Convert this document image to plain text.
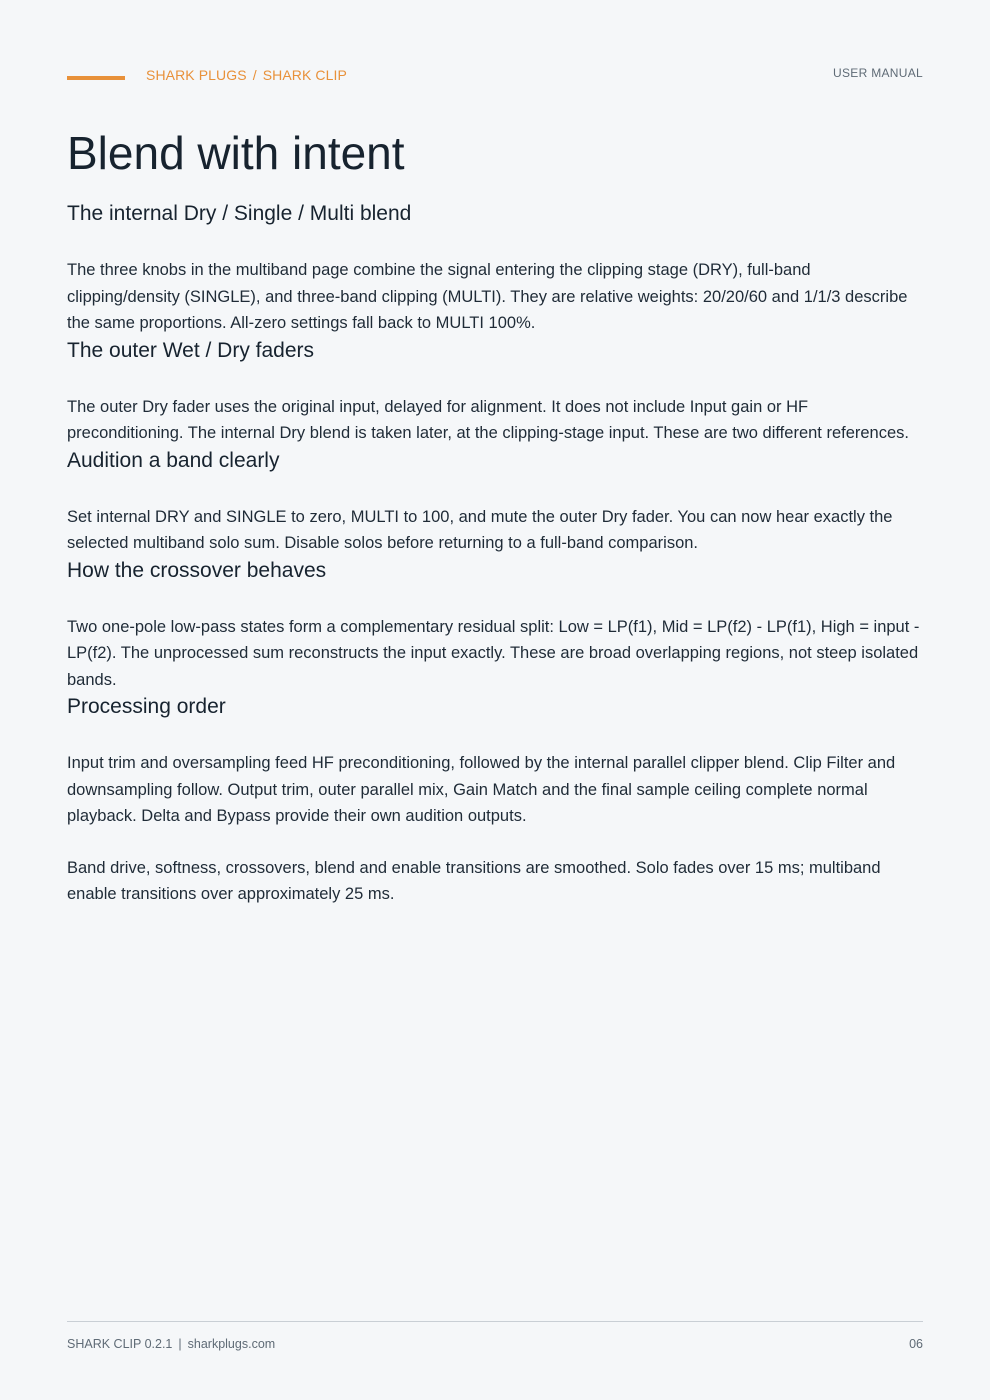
SHARK PLUGS / SHARK CLIP	USER MANUAL
Blend with intent
The internal Dry / Single / Multi blend

The three knobs in the multiband page combine the signal entering the clipping stage (DRY), full-band clipping/density (SINGLE), and three-band clipping (MULTI). They are relative weights: 20/20/60 and 1/1/3 describe the same proportions. All-zero settings fall back to MULTI 100%.

The outer Wet / Dry faders

The outer Dry fader uses the original input, delayed for alignment. It does not include Input gain or HF preconditioning. The internal Dry blend is taken later, at the clipping-stage input. These are two different references.

Audition a band clearly

Set internal DRY and SINGLE to zero, MULTI to 100, and mute the outer Dry fader. You can now hear exactly the selected multiband solo sum. Disable solos before returning to a full-band comparison.

How the crossover behaves

Two one-pole low-pass states form a complementary residual split: Low = LP(f1), Mid = LP(f2) - LP(f1), High = input - LP(f2). The unprocessed sum reconstructs the input exactly. These are broad overlapping regions, not steep isolated bands.

Processing order

Input trim and oversampling feed HF preconditioning, followed by the internal parallel clipper blend. Clip Filter and downsampling follow. Output trim, outer parallel mix, Gain Match and the final sample ceiling complete normal playback. Delta and Bypass provide their own audition outputs.

Band drive, softness, crossovers, blend and enable transitions are smoothed. Solo fades over 15 ms; multiband enable transitions over approximately 25 ms.

SHARK CLIP 0.2.1 | sharkplugs.com	06
